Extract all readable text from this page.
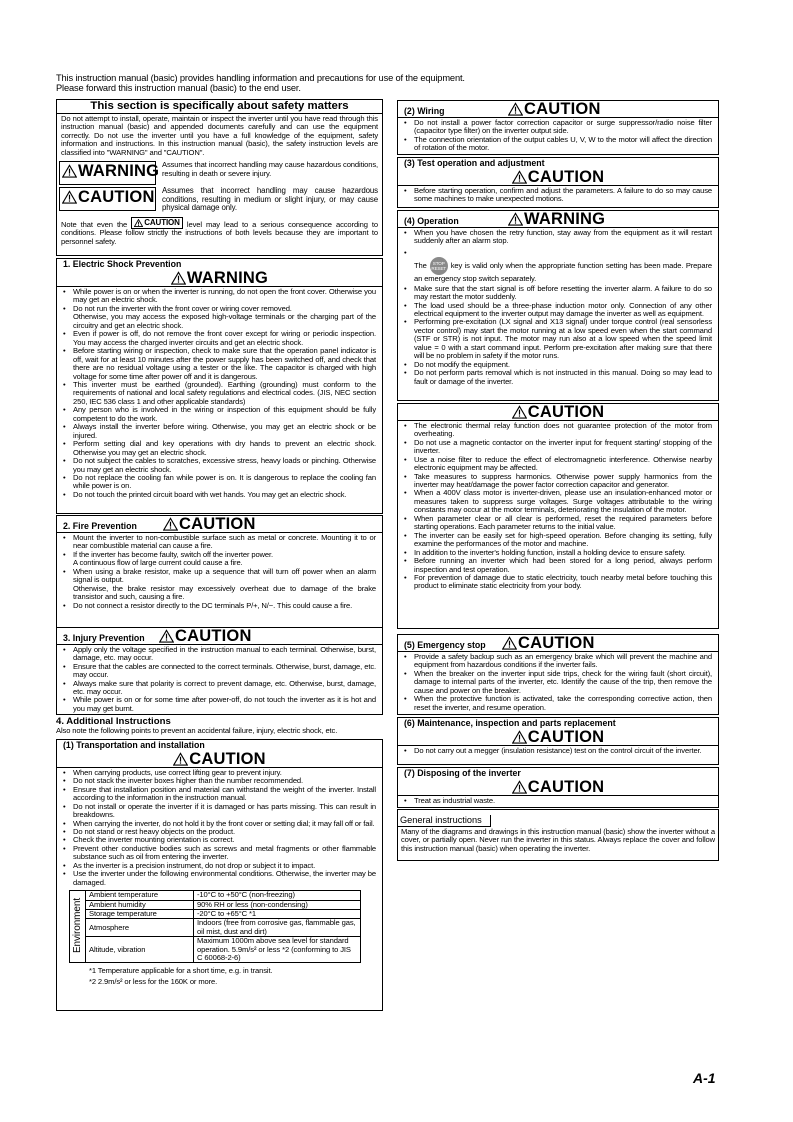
This instruction manual (basic) provides handling information and precautions for use of the equipment.
Please forward this instruction manual (basic) to the end user.
This section is specifically about safety matters
Do not attempt to install, operate, maintain or inspect the inverter until you have read through this instruction manual (basic) and appended documents carefully and can use the equipment correctly. Do not use the inverter until you have a full knowledge of the equipment, safety information and instructions. In this instruction manual (basic), the safety instruction levels are classified into "WARNING" and "CAUTION".
WARNING Assumes that incorrect handling may cause hazardous conditions, resulting in death or severe injury.
CAUTION Assumes that incorrect handling may cause hazardous conditions, resulting in medium or slight injury, or may cause physical damage only.
Note that even the CAUTION level may lead to a serious consequence according to conditions. Please follow strictly the instructions of both levels because they are important to personnel safety.
1. Electric Shock Prevention
WARNING
• While power is on or when the inverter is running, do not open the front cover. Otherwise you may get an electric shock.
• Do not run the inverter with the front cover or wiring cover removed.
Otherwise, you may access the exposed high-voltage terminals or the charging part of the circuitry and get an electric shock.
• Even if power is off, do not remove the front cover except for wiring or periodic inspection. You may access the charged inverter circuits and get an electric shock.
• Before starting wiring or inspection, check to make sure that the operation panel indicator is off, wait for at least 10 minutes after the power supply has been switched off, and check that there are no residual voltage using a tester or the like. The capacitor is charged with high voltage for some time after power off and it is dangerous.
• This inverter must be earthed (grounded). Earthing (grounding) must conform to the requirements of national and local safety regulations and electrical codes. (JIS, NEC section 250, IEC 536 class 1 and other applicable standards)
• Any person who is involved in the wiring or inspection of this equipment should be fully competent to do the work.
• Always install the inverter before wiring. Otherwise, you may get an electric shock or be injured.
• Perform setting dial and key operations with dry hands to prevent an electric shock. Otherwise you may get an electric shock.
• Do not subject the cables to scratches, excessive stress, heavy loads or pinching. Otherwise you may get an electric shock.
• Do not replace the cooling fan while power is on. It is dangerous to replace the cooling fan while power is on.
• Do not touch the printed circuit board with wet hands. You may get an electric shock.
2. Fire Prevention	CAUTION
• Mount the inverter to non-combustible surface such as metal or concrete. Mounting it to or near combustible material can cause a fire.
• If the inverter has become faulty, switch off the inverter power.
A continuous flow of large current could cause a fire.
• When using a brake resistor, make up a sequence that will turn off power when an alarm signal is output.
Otherwise, the brake resistor may excessively overheat due to damage of the brake transistor and such, causing a fire.
• Do not connect a resistor directly to the DC terminals P/+, N/−. This could cause a fire.
3. Injury Prevention	CAUTION
• Apply only the voltage specified in the instruction manual to each terminal. Otherwise, burst, damage, etc. may occur.
• Ensure that the cables are connected to the correct terminals. Otherwise, burst, damage, etc. may occur.
• Always make sure that polarity is correct to prevent damage, etc. Otherwise, burst, damage, etc. may occur.
• While power is on or for some time after power-off, do not touch the inverter as it is hot and you may get burnt.
4. Additional Instructions
Also note the following points to prevent an accidental failure, injury, electric shock, etc.
(1) Transportation and installation
CAUTION
• When carrying products, use correct lifting gear to prevent injury.
• Do not stack the inverter boxes higher than the number recommended.
• Ensure that installation position and material can withstand the weight of the inverter. Install according to the information in the instruction manual.
• Do not install or operate the inverter if it is damaged or has parts missing. This can result in breakdowns.
• When carrying the inverter, do not hold it by the front cover or setting dial; it may fall off or fail.
• Do not stand or rest heavy objects on the product.
• Check the inverter mounting orientation is correct.
• Prevent other conductive bodies such as screws and metal fragments or other flammable substance such as oil from entering the inverter.
• As the inverter is a precision instrument, do not drop or subject it to impact.
• Use the inverter under the following environmental conditions. Otherwise, the inverter may be damaged.
Environment	Ambient temperature	-10°C to +50°C (non-freezing)
	Ambient humidity	90% RH or less (non-condensing)
	Storage temperature	-20°C to +65°C *1
	Atmosphere	Indoors (free from corrosive gas, flammable gas, oil mist, dust and dirt)
	Altitude, vibration	Maximum 1000m above sea level for standard operation. 5.9m/s² or less *2 (conforming to JIS C 60068-2-6)
*1 Temperature applicable for a short time, e.g. in transit.
*2 2.9m/s² or less for the 160K or more.
(2) Wiring	CAUTION
• Do not install a power factor correction capacitor or surge suppressor/radio noise filter (capacitor type filter) on the inverter output side.
• The connection orientation of the output cables U, V, W to the motor will affect the direction of rotation of the motor.
(3) Test operation and adjustment
CAUTION
• Before starting operation, confirm and adjust the parameters. A failure to do so may cause some machines to make unexpected motions.
(4) Operation	WARNING
• When you have chosen the retry function, stay away from the equipment as it will restart suddenly after an alarm stop.

• The STOP
RESET key is valid only when the appropriate function setting has been made. Prepare an emergency stop switch separately.

• Make sure that the start signal is off before resetting the inverter alarm. A failure to do so may restart the motor suddenly.
• The load used should be a three-phase induction motor only. Connection of any other electrical equipment to the inverter output may damage the inverter as well as equipment.
• Performing pre-excitation (LX signal and X13 signal) under torque control (real sensorless vector control) may start the motor running at a low speed even when the start command (STF or STR) is not input. The motor may run also at a low speed when the speed limit value = 0 with a start command input. Perform pre-excitation after making sure that there will be no problem in safety if the motor runs.
• Do not modify the equipment.
• Do not perform parts removal which is not instructed in this manual. Doing so may lead to fault or damage of the inverter.
CAUTION
• The electronic thermal relay function does not guarantee protection of the motor from overheating.
• Do not use a magnetic contactor on the inverter input for frequent starting/ stopping of the inverter.
• Use a noise filter to reduce the effect of electromagnetic interference. Otherwise nearby electronic equipment may be affected.
• Take measures to suppress harmonics. Otherwise power supply harmonics from the inverter may heat/damage the power factor correction capacitor and generator.
• When a 400V class motor is inverter-driven, please use an insulation-enhanced motor or measures taken to suppress surge voltages. Surge voltages attributable to the wiring constants may occur at the motor terminals, deteriorating the insulation of the motor.
• When parameter clear or all clear is performed, reset the required parameters before starting operations. Each parameter returns to the initial value.
• The inverter can be easily set for high-speed operation. Before changing its setting, fully examine the performances of the motor and machine.
• In addition to the inverter's holding function, install a holding device to ensure safety.
• Before running an inverter which had been stored for a long period, always perform inspection and test operation.
• For prevention of damage due to static electricity, touch nearby metal before touching this product to eliminate static electricity from your body.
(5) Emergency stop	CAUTION
• Provide a safety backup such as an emergency brake which will prevent the machine and equipment from hazardous conditions if the inverter fails.
• When the breaker on the inverter input side trips, check for the wiring fault (short circuit), damage to internal parts of the inverter, etc. Identify the cause of the trip, then remove the cause and power on the breaker.
• When the protective function is activated, take the corresponding corrective action, then reset the inverter, and resume operation.
(6) Maintenance, inspection and parts replacement
CAUTION
• Do not carry out a megger (insulation resistance) test on the control circuit of the inverter.
(7) Disposing of the inverter
CAUTION
• Treat as industrial waste.
General instructions
Many of the diagrams and drawings in this instruction manual (basic) show the inverter without a cover, or partially open. Never run the inverter in this status. Always replace the cover and follow this instruction manual (basic) when operating the inverter.
A-1
